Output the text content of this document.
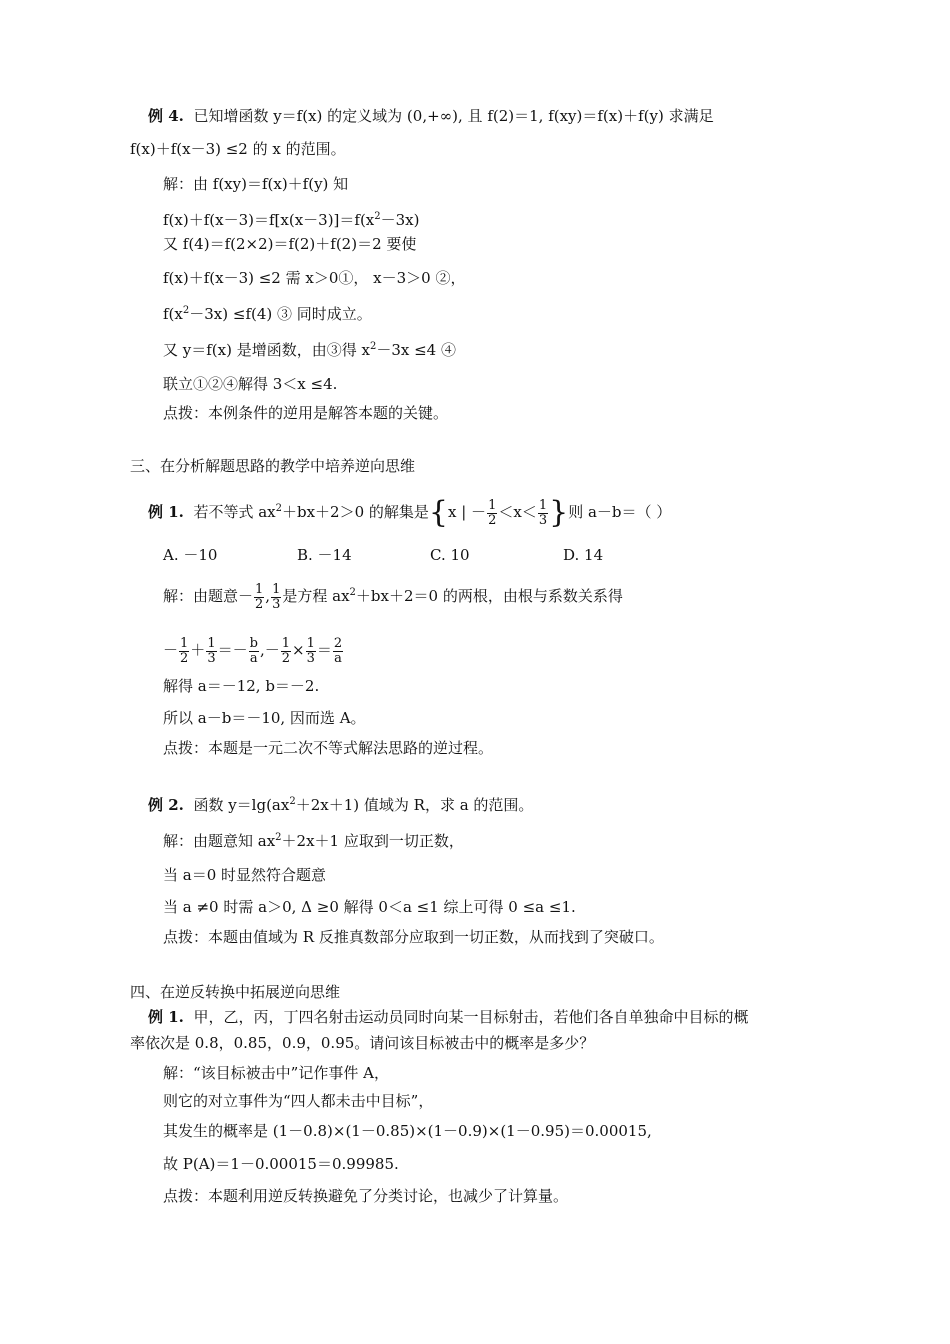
例 4. 已知增函数 y＝f(x) 的定义域为 (0,+∞), 且 f(2)＝1, f(xy)＝f(x)＋f(y) 求满足
f(x)＋f(x－3) ≤2 的 x 的范围。
解：由 f(xy)＝f(x)＋f(y) 知
$f(x)+f(x-3)=f[x(x-3)]=f(x^2-3x)$
又 f(4)＝f(2×2)＝f(2)＋f(2)＝2 要使
f(x)＋f(x－3) ≤2 需 x＞0①， x－3＞0 ②，
$f(x^2-3x) \le f(4)$ ③ 同时成立。
又 y＝f(x) 是增函数，由③得 $x^2-3x \le 4$ ④
联立①②④解得 3＜x ≤4.
点拨：本例条件的逆用是解答本题的关键。
三、在分析解题思路的教学中培养逆向思维
例 1. 若不等式 $ax^2+bx+2>0$ 的解集是{x | － $\frac{1}{2} <x< \frac{1}{3}$ }则 a－b＝（ ）
A. －10	B. －14	C. 10	D. 14
解：由题意－ $\frac{1}{2}$ , $\frac{1}{3}$ 是方程 $ax^2+bx+2=0$ 的两根，由根与系数关系得
－ $\frac{1}{2} + \frac{1}{3} =- \frac{b}{a}$ ,－ $\frac{1}{2} \times \frac{1}{3} = \frac{2}{a}$
解得 a＝－12, b＝－2.
所以 a－b＝－10, 因而选 A。
点拨：本题是一元二次不等式解法思路的逆过程。
例 2. 函数 $y=\lg(ax^2+2x+1)$ 值域为 R，求 a 的范围。
解：由题意知 $ax^2+2x+1$ 应取到一切正数，
当 a＝0 时显然符合题意
当 a ≠0 时需 a＞0, Δ ≥0 解得 0＜a ≤1 综上可得 0 ≤a ≤1.
点拨：本题由值域为 R 反推真数部分应取到一切正数，从而找到了突破口。
四、在逆反转换中拓展逆向思维
例 1. 甲，乙，丙，丁四名射击运动员同时向某一目标射击，若他们各自单独命中目标的概
率依次是 0.8，0.85，0.9，0.95。请问该目标被击中的概率是多少？
解：“该目标被击中”记作事件 A，
则它的对立事件为“四人都未击中目标”，
其发生的概率是 (1－0.8)×(1－0.85)×(1－0.9)×(1－0.95)＝0.00015,
故 P(A)＝1－0.00015＝0.99985.
点拨：本题利用逆反转换避免了分类讨论，也减少了计算量。
